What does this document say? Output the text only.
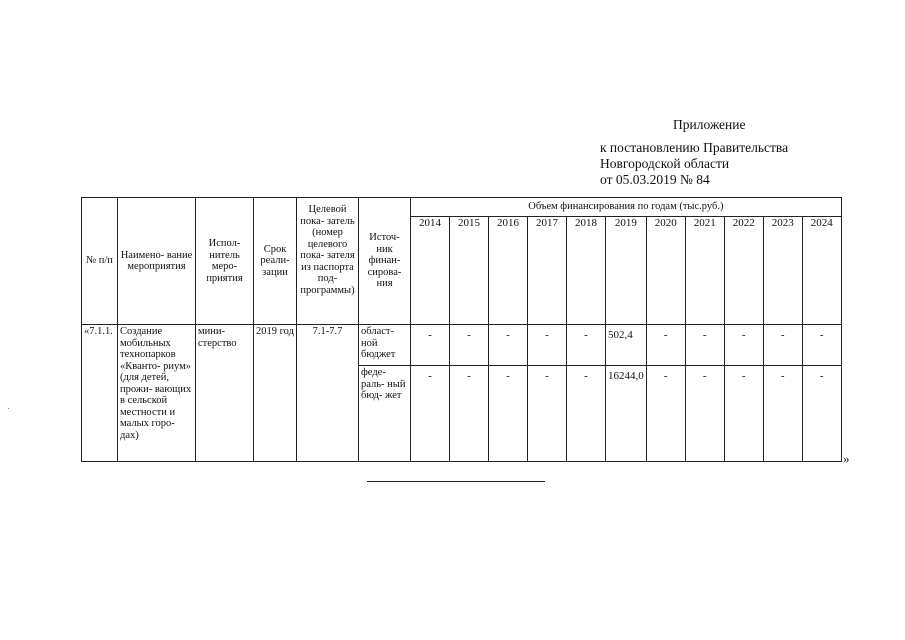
Приложение
к постановлению Правительства
Новгородской области
от 05.03.2019 № 84
№ п/п	Наимено- вание мероприятия	Испол- нитель меро- приятия	Срок реали- зации	Целевой пока- затель (номер целевого пока- зателя из паспорта под- программы)	Источ- ник финан- сирова- ния	Объем финансирования по годам (тыс.руб.)										
						2014	2015	2016	2017	2018	2019	2020	2021	2022	2023	2024
«7.1.1.	Создание мобильных технопарков «Кванто- риум» (для детей, прожи- вающих в сельской местности и малых горо- дах)	мини- стерство	2019 год	7.1-7.7	област- ной бюджет	-	-	-	-	-	502,4	-	-	-	-	-
					феде- раль- ный бюд- жет	-	-	-	-	-	16244,0	-	-	-	-	-
»
